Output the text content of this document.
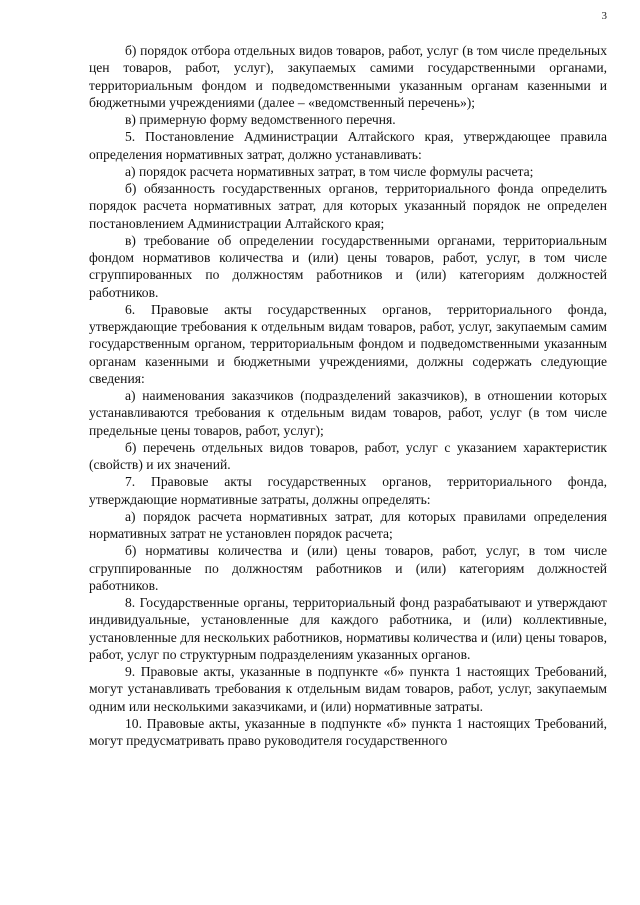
3

б) порядок отбора отдельных видов товаров, работ, услуг (в том числе предельных цен товаров, работ, услуг), закупаемых самими государственными органами, территориальным фондом и подведомственными указанным органам казенными и бюджетными учреждениями (далее – «ведомственный перечень»);

в) примерную форму ведомственного перечня.

5. Постановление Администрации Алтайского края, утверждающее правила определения нормативных затрат, должно устанавливать:

а) порядок расчета нормативных затрат, в том числе формулы расчета;

б) обязанность государственных органов, территориального фонда определить порядок расчета нормативных затрат, для которых указанный порядок не определен постановлением Администрации Алтайского края;

в) требование об определении государственными органами, территориальным фондом нормативов количества и (или) цены товаров, работ, услуг, в том числе сгруппированных по должностям работников и (или) категориям должностей работников.

6. Правовые акты государственных органов, территориального фонда, утверждающие требования к отдельным видам товаров, работ, услуг, закупаемым самим государственным органом, территориальным фондом и подведомственными указанным органам казенными и бюджетными учреждениями, должны содержать следующие сведения:

а) наименования заказчиков (подразделений заказчиков), в отношении которых устанавливаются требования к отдельным видам товаров, работ, услуг (в том числе предельные цены товаров, работ, услуг);

б) перечень отдельных видов товаров, работ, услуг с указанием характеристик (свойств) и их значений.

7. Правовые акты государственных органов, территориального фонда, утверждающие нормативные затраты, должны определять:

а) порядок расчета нормативных затрат, для которых правилами определения нормативных затрат не установлен порядок расчета;

б) нормативы количества и (или) цены товаров, работ, услуг, в том числе сгруппированные по должностям работников и (или) категориям должностей работников.

8. Государственные органы, территориальный фонд разрабатывают и утверждают индивидуальные, установленные для каждого работника, и (или) коллективные, установленные для нескольких работников, нормативы количества и (или) цены товаров, работ, услуг по структурным подразделениям указанных органов.

9. Правовые акты, указанные в подпункте «б» пункта 1 настоящих Требований, могут устанавливать требования к отдельным видам товаров, работ, услуг, закупаемым одним или несколькими заказчиками, и (или) нормативные затраты.

10. Правовые акты, указанные в подпункте «б» пункта 1 настоящих Требований, могут предусматривать право руководителя государственного
